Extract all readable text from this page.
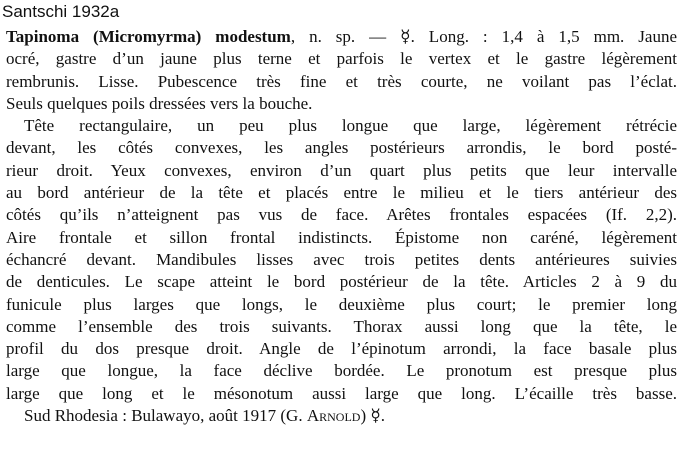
Santschi 1932a
Tapinoma (Micromyrma) modestum, n. sp. — ☿. Long. : 1,4 à 1,5 mm. Jaune
ocré, gastre d’un jaune plus terne et parfois le vertex et le gastre légèrement
rembrunis. Lisse. Pubescence très fine et très courte, ne voilant pas l’éclat.
Seuls quelques poils dressées vers la bouche.
Tête rectangulaire, un peu plus longue que large, légèrement rétrécie
devant, les côtés convexes, les angles postérieurs arrondis, le bord posté-
rieur droit. Yeux convexes, environ d’un quart plus petits que leur intervalle
au bord antérieur de la tête et placés entre le milieu et le tiers antérieur des
côtés qu’ils n’atteignent pas vus de face. Arêtes frontales espacées (If. 2,2).
Aire frontale et sillon frontal indistincts. Épistome non caréné, légèrement
échancré devant. Mandibules lisses avec trois petites dents antérieures suivies
de denticules. Le scape atteint le bord postérieur de la tête. Articles 2 à 9 du
funicule plus larges que longs, le deuxième plus court; le premier long
comme l’ensemble des trois suivants. Thorax aussi long que la tête, le
profil du dos presque droit. Angle de l’épinotum arrondi, la face basale plus
large que longue, la face déclive bordée. Le pronotum est presque plus
large que long et le mésonotum aussi large que long. L’écaille très basse.
Sud Rhodesia : Bulawayo, août 1917 (G. Arnold) ☿.
